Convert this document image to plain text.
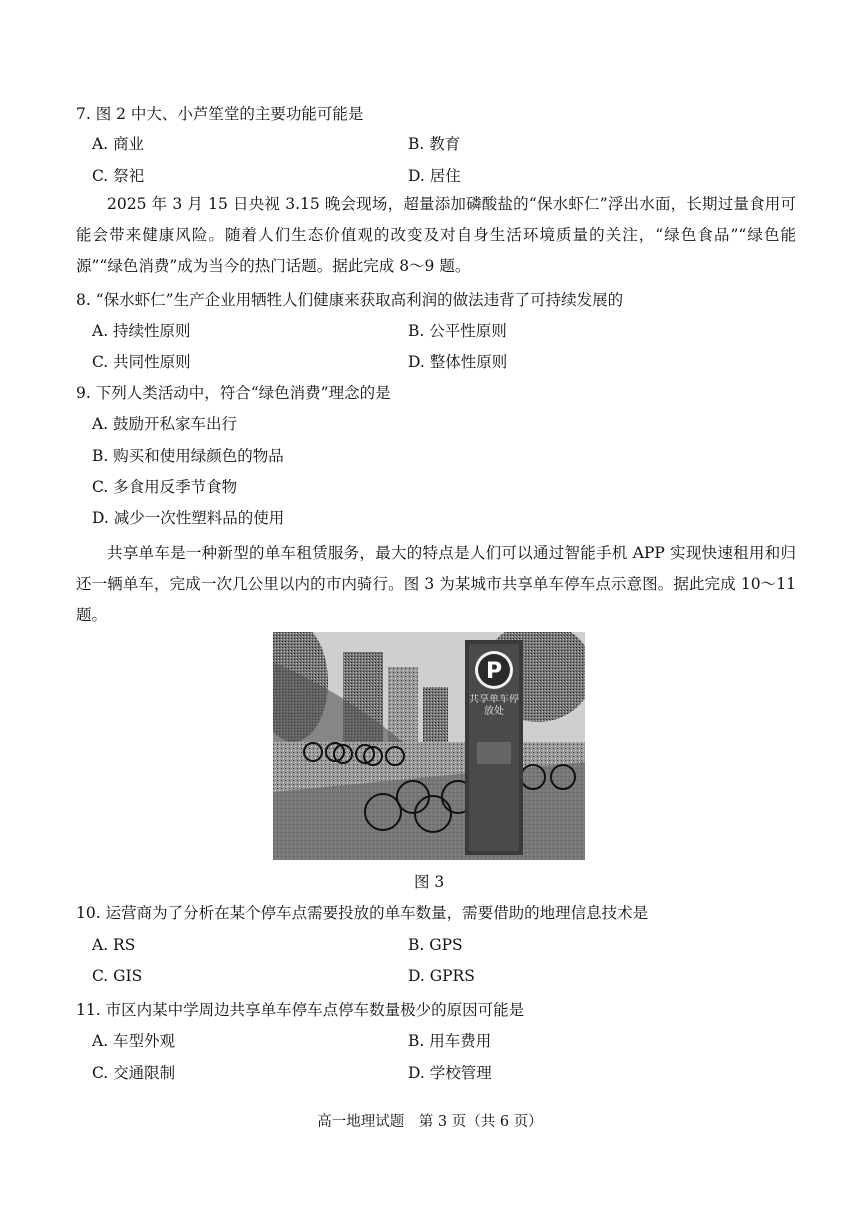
7. 图 2 中大、小芦笙堂的主要功能可能是
A. 商业	B. 教育
C. 祭祀	D. 居住
2025 年 3 月 15 日央视 3.15 晚会现场，超量添加磷酸盐的“保水虾仁”浮出水面，长期过量食用可能会带来健康风险。随着人们生态价值观的改变及对自身生活环境质量的关注，“绿色食品”“绿色能源”“绿色消费”成为当今的热门话题。据此完成 8～9 题。
8. “保水虾仁”生产企业用牺牲人们健康来获取高利润的做法违背了可持续发展的
A. 持续性原则	B. 公平性原则
C. 共同性原则	D. 整体性原则
9. 下列人类活动中，符合“绿色消费”理念的是
A. 鼓励开私家车出行
B. 购买和使用绿颜色的物品
C. 多食用反季节食物
D. 减少一次性塑料品的使用
共享单车是一种新型的单车租赁服务，最大的特点是人们可以通过智能手机 APP 实现快速租用和归还一辆单车，完成一次几公里以内的市内骑行。图 3 为某城市共享单车停车点示意图。据此完成 10～11 题。
P
共享单车停放处
图 3
10. 运营商为了分析在某个停车点需要投放的单车数量，需要借助的地理信息技术是
A. RS	B. GPS
C. GIS	D. GPRS
11. 市区内某中学周边共享单车停车点停车数量极少的原因可能是
A. 车型外观	B. 用车费用
C. 交通限制	D. 学校管理
高一地理试题　第 3 页（共 6 页）
